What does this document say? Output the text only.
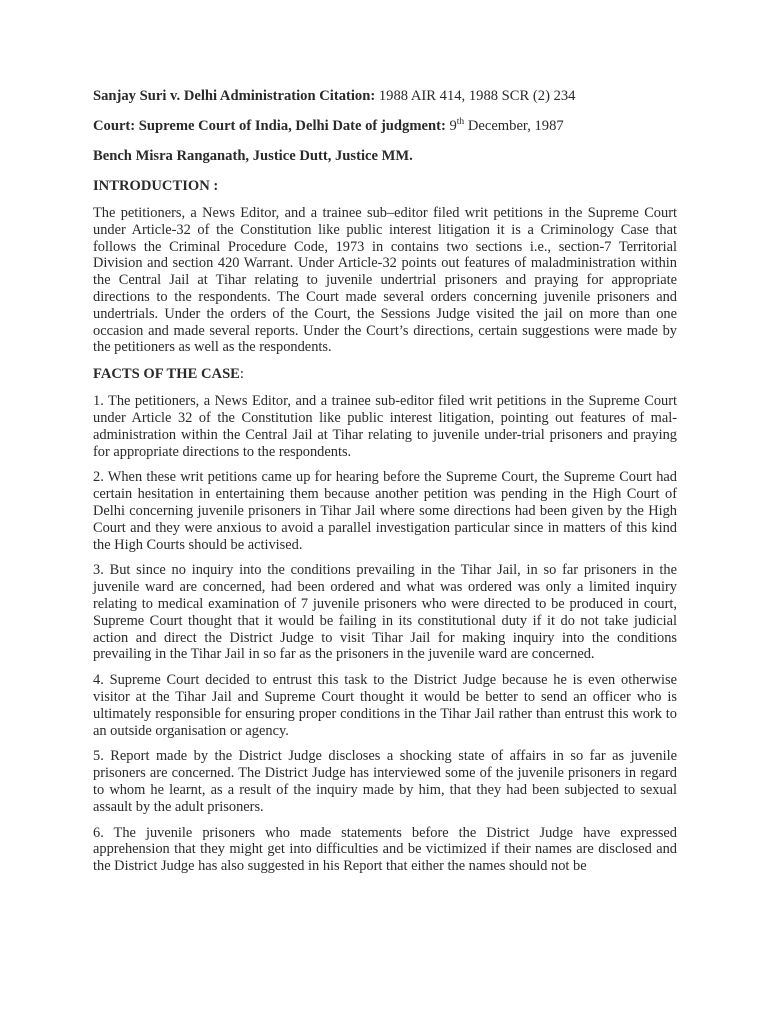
Sanjay Suri v. Delhi Administration Citation: 1988 AIR 414, 1988 SCR (2) 234
Court: Supreme Court of India, Delhi Date of judgment: 9th December, 1987
Bench Misra Ranganath, Justice Dutt, Justice MM.
INTRODUCTION :

The petitioners, a News Editor, and a trainee sub–editor filed writ petitions in the Supreme Court under Article-32 of the Constitution like public interest litigation it is a Criminology Case that follows the Criminal Procedure Code, 1973 in contains two sections i.e., section-7 Territorial Division and section 420 Warrant. Under Article-32 points out features of maladministration within the Central Jail at Tihar relating to juvenile undertrial prisoners and praying for appropriate directions to the respondents. The Court made several orders concerning juvenile prisoners and undertrials. Under the orders of the Court, the Sessions Judge visited the jail on more than one occasion and made several reports. Under the Court’s directions, certain suggestions were made by the petitioners as well as the respondents.

FACTS OF THE CASE:

1. The petitioners, a News Editor, and a trainee sub-editor filed writ petitions in the Supreme Court under Article 32 of the Constitution like public interest litigation, pointing out features of mal-administration within the Central Jail at Tihar relating to juvenile under-trial prisoners and praying for appropriate directions to the respondents.

2. When these writ petitions came up for hearing before the Supreme Court, the Supreme Court had certain hesitation in entertaining them because another petition was pending in the High Court of Delhi concerning juvenile prisoners in Tihar Jail where some directions had been given by the High Court and they were anxious to avoid a parallel investigation particular since in matters of this kind the High Courts should be activised.

3. But since no inquiry into the conditions prevailing in the Tihar Jail, in so far prisoners in the juvenile ward are concerned, had been ordered and what was ordered was only a limited inquiry relating to medical examination of 7 juvenile prisoners who were directed to be produced in court, Supreme Court thought that it would be failing in its constitutional duty if it do not take judicial action and direct the District Judge to visit Tihar Jail for making inquiry into the conditions prevailing in the Tihar Jail in so far as the prisoners in the juvenile ward are concerned.

4. Supreme Court decided to entrust this task to the District Judge because he is even otherwise visitor at the Tihar Jail and Supreme Court thought it would be better to send an officer who is ultimately responsible for ensuring proper conditions in the Tihar Jail rather than entrust this work to an outside organisation or agency.

5. Report made by the District Judge discloses a shocking state of affairs in so far as juvenile prisoners are concerned. The District Judge has interviewed some of the juvenile prisoners in regard to whom he learnt, as a result of the inquiry made by him, that they had been subjected to sexual assault by the adult prisoners.

6. The juvenile prisoners who made statements before the District Judge have expressed apprehension that they might get into difficulties and be victimized if their names are disclosed and the District Judge has also suggested in his Report that either the names should not be
